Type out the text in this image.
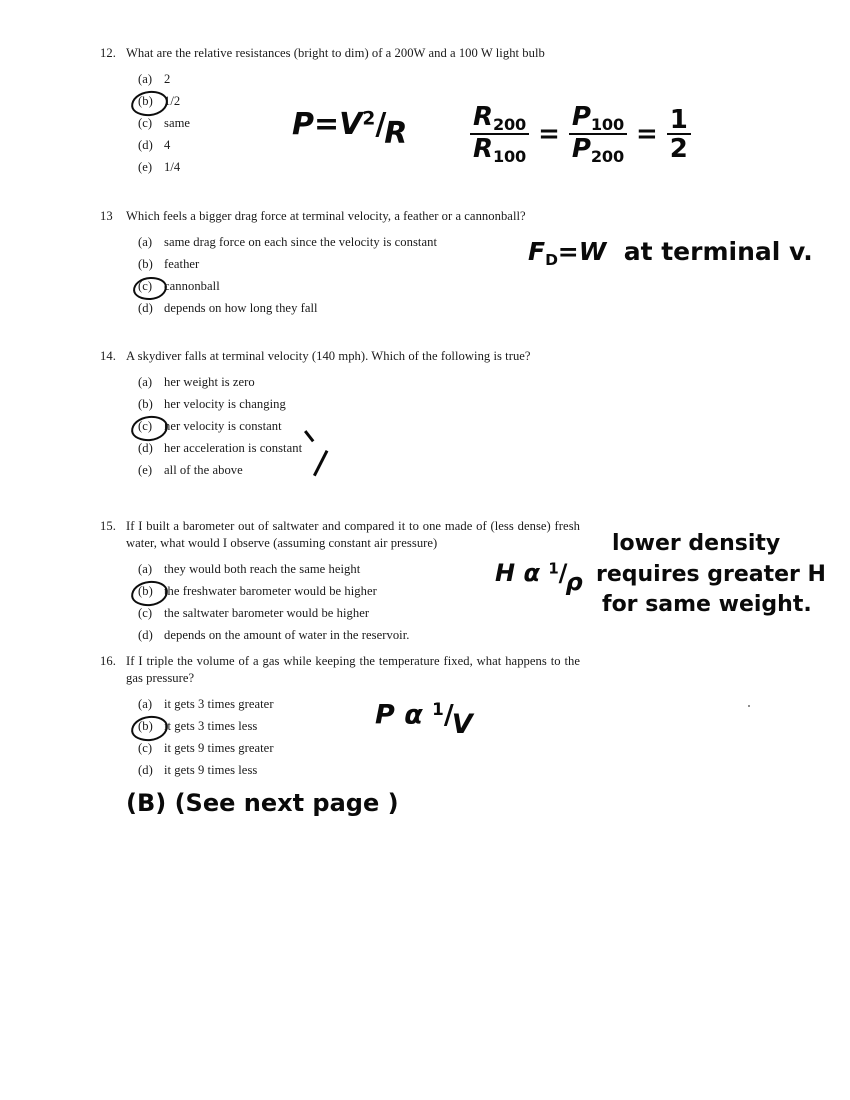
12. What are the relative resistances (bright to dim) of a 200W and a 100 W light bulb
(a) 2
(b) 1/2
(c) same
(d) 4
(e) 1/4
$P=V^2/R \frac{R_{200}}{R_{100}} = \frac{P_{100}}{P_{200}} = \frac{1}{2}$
13	Which feels a bigger drag force at terminal velocity, a feather or a cannonball?
(a) same drag force on each since the velocity is constant
(b) feather
(c) cannonball
(d) depends on how long they fall
$F_D=W$ at terminal v.
14. A skydiver falls at terminal velocity (140 mph). Which of the following is true?
(a) her weight is zero
(b) her velocity is changing
(c) her velocity is constant
(d) her acceleration is constant
(e) all of the above
15. If I built a barometer out of saltwater and compared it to one made of (less dense) fresh water, what would I observe (assuming constant air pressure)
(a) they would both reach the same height
(b) the freshwater barometer would be higher
(c) the saltwater barometer would be higher
(d) depends on the amount of water in the reservoir.
H α $^1$/ρ
lower density
requires greater H
for same weight.
16. If I triple the volume of a gas while keeping the temperature fixed, what happens to the gas pressure?
(a) it gets 3 times greater
(b) it gets 3 times less
(c) it gets 9 times greater
(d) it gets 9 times less
P α $^1$/V
(B) (See next page )
